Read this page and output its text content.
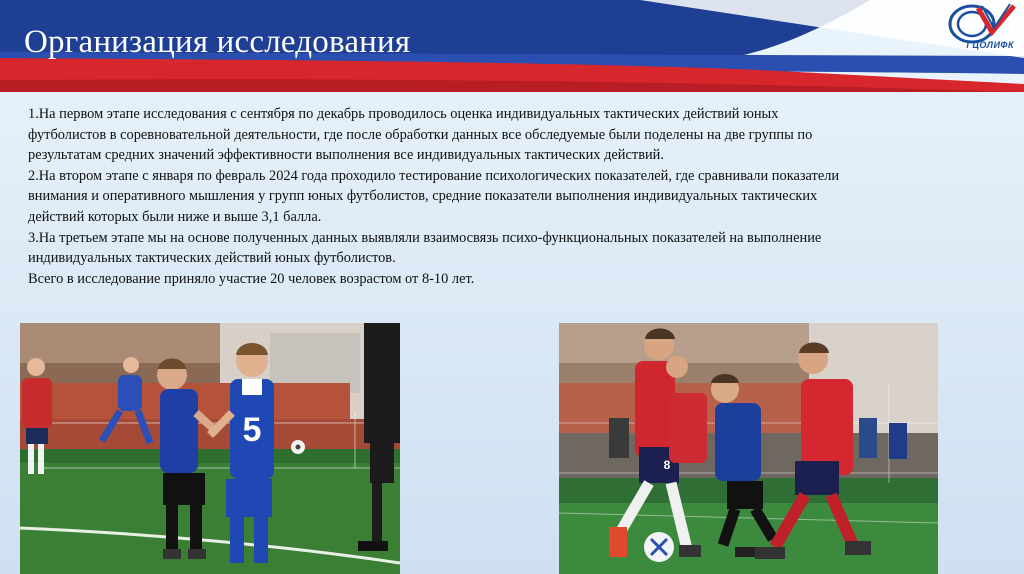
Организация исследования	ГЦОЛИФК

1.На первом этапе исследования с сентября по декабрь проводилось оценка индивидуальных тактических действий юных футболистов в соревновательной деятельности, где после обработки данных все обследуемые были поделены на две группы по результатам средних значений эффективности выполнения все индивидуальных тактических действий.

2.На втором этапе с января по февраль 2024 года проходило тестирование психологических показателей, где сравнивали показатели внимания и оперативного мышления у групп юных футболистов, средние показатели выполнения индивидуальных тактических действий которых были ниже и выше 3,1 балла.

3.На третьем этапе мы на основе полученных данных выявляли взаимосвязь психо-функциональных показателей на выполнение индивидуальных тактических действий юных футболистов.

Всего в исследование приняло участие 20 человек возрастом от 8-10 лет.

5
8
